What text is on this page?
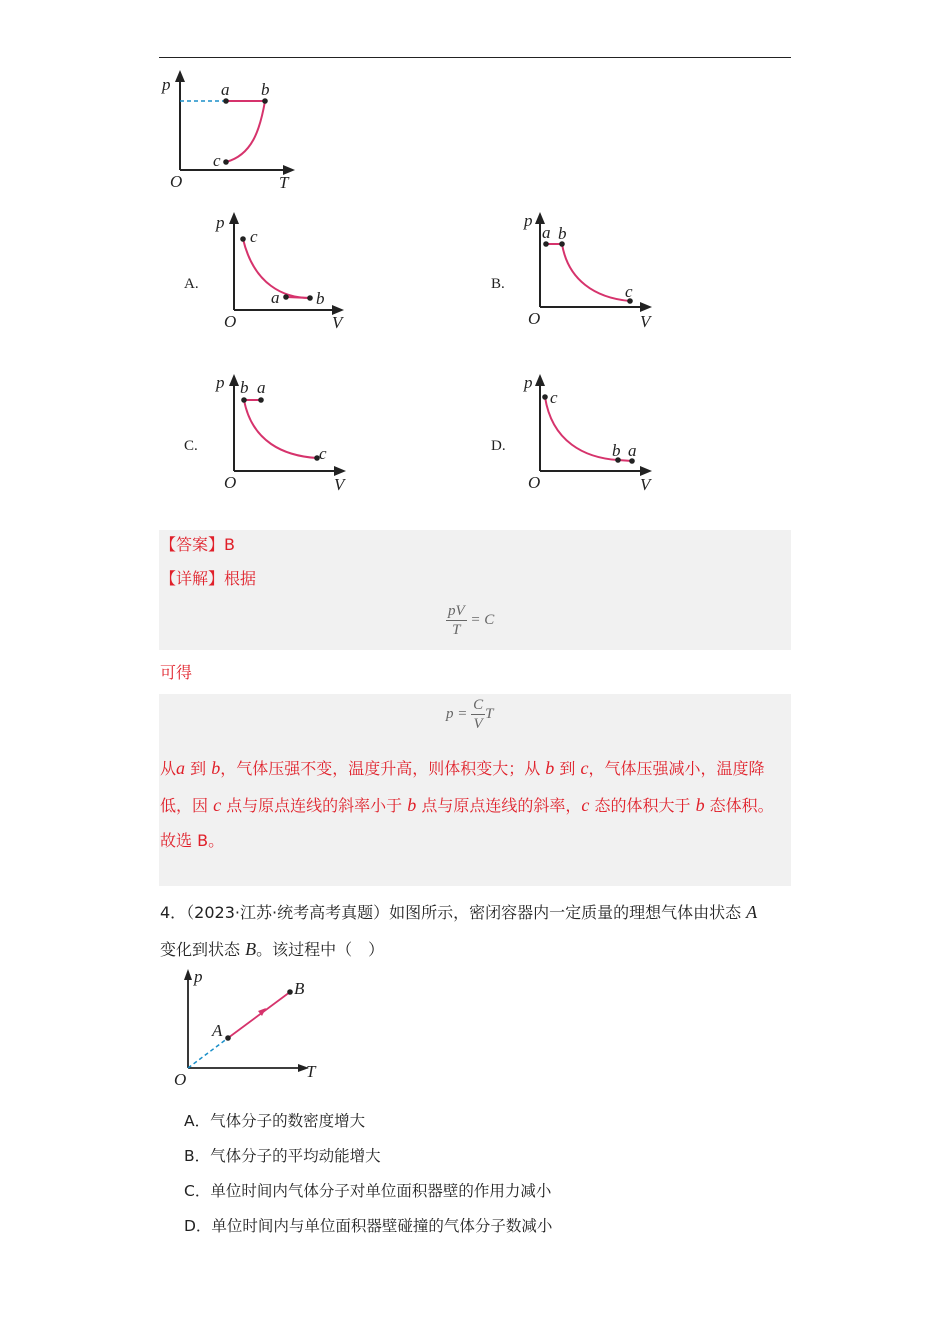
p
O	T
a b
c
A.
p
O	V
c
a b
B.
p
O	V
a b
c
C.
p
O	V
b a
c	D.
p
O	V
c
b a
【答案】B
【详解】根据
$\frac{pV}{T} = C$
可得
$p = \frac{C}{V}$ T
从a 到 b，气体压强不变，温度升高，则体积变大；从 b 到 c，气体压强减小，温度降
低，因 c 点与原点连线的斜率小于 b 点与原点连线的斜率，c 态的体积大于 b 态体积。
故选 B。
4．（2023·江苏·统考高考真题）如图所示，密闭容器内一定质量的理想气体由状态 A
变化到状态 B。该过程中（　）
p
O	T
A
B
A．气体分子的数密度增大
B．气体分子的平均动能增大
C．单位时间内气体分子对单位面积器壁的作用力减小
D．单位时间内与单位面积器壁碰撞的气体分子数减小
